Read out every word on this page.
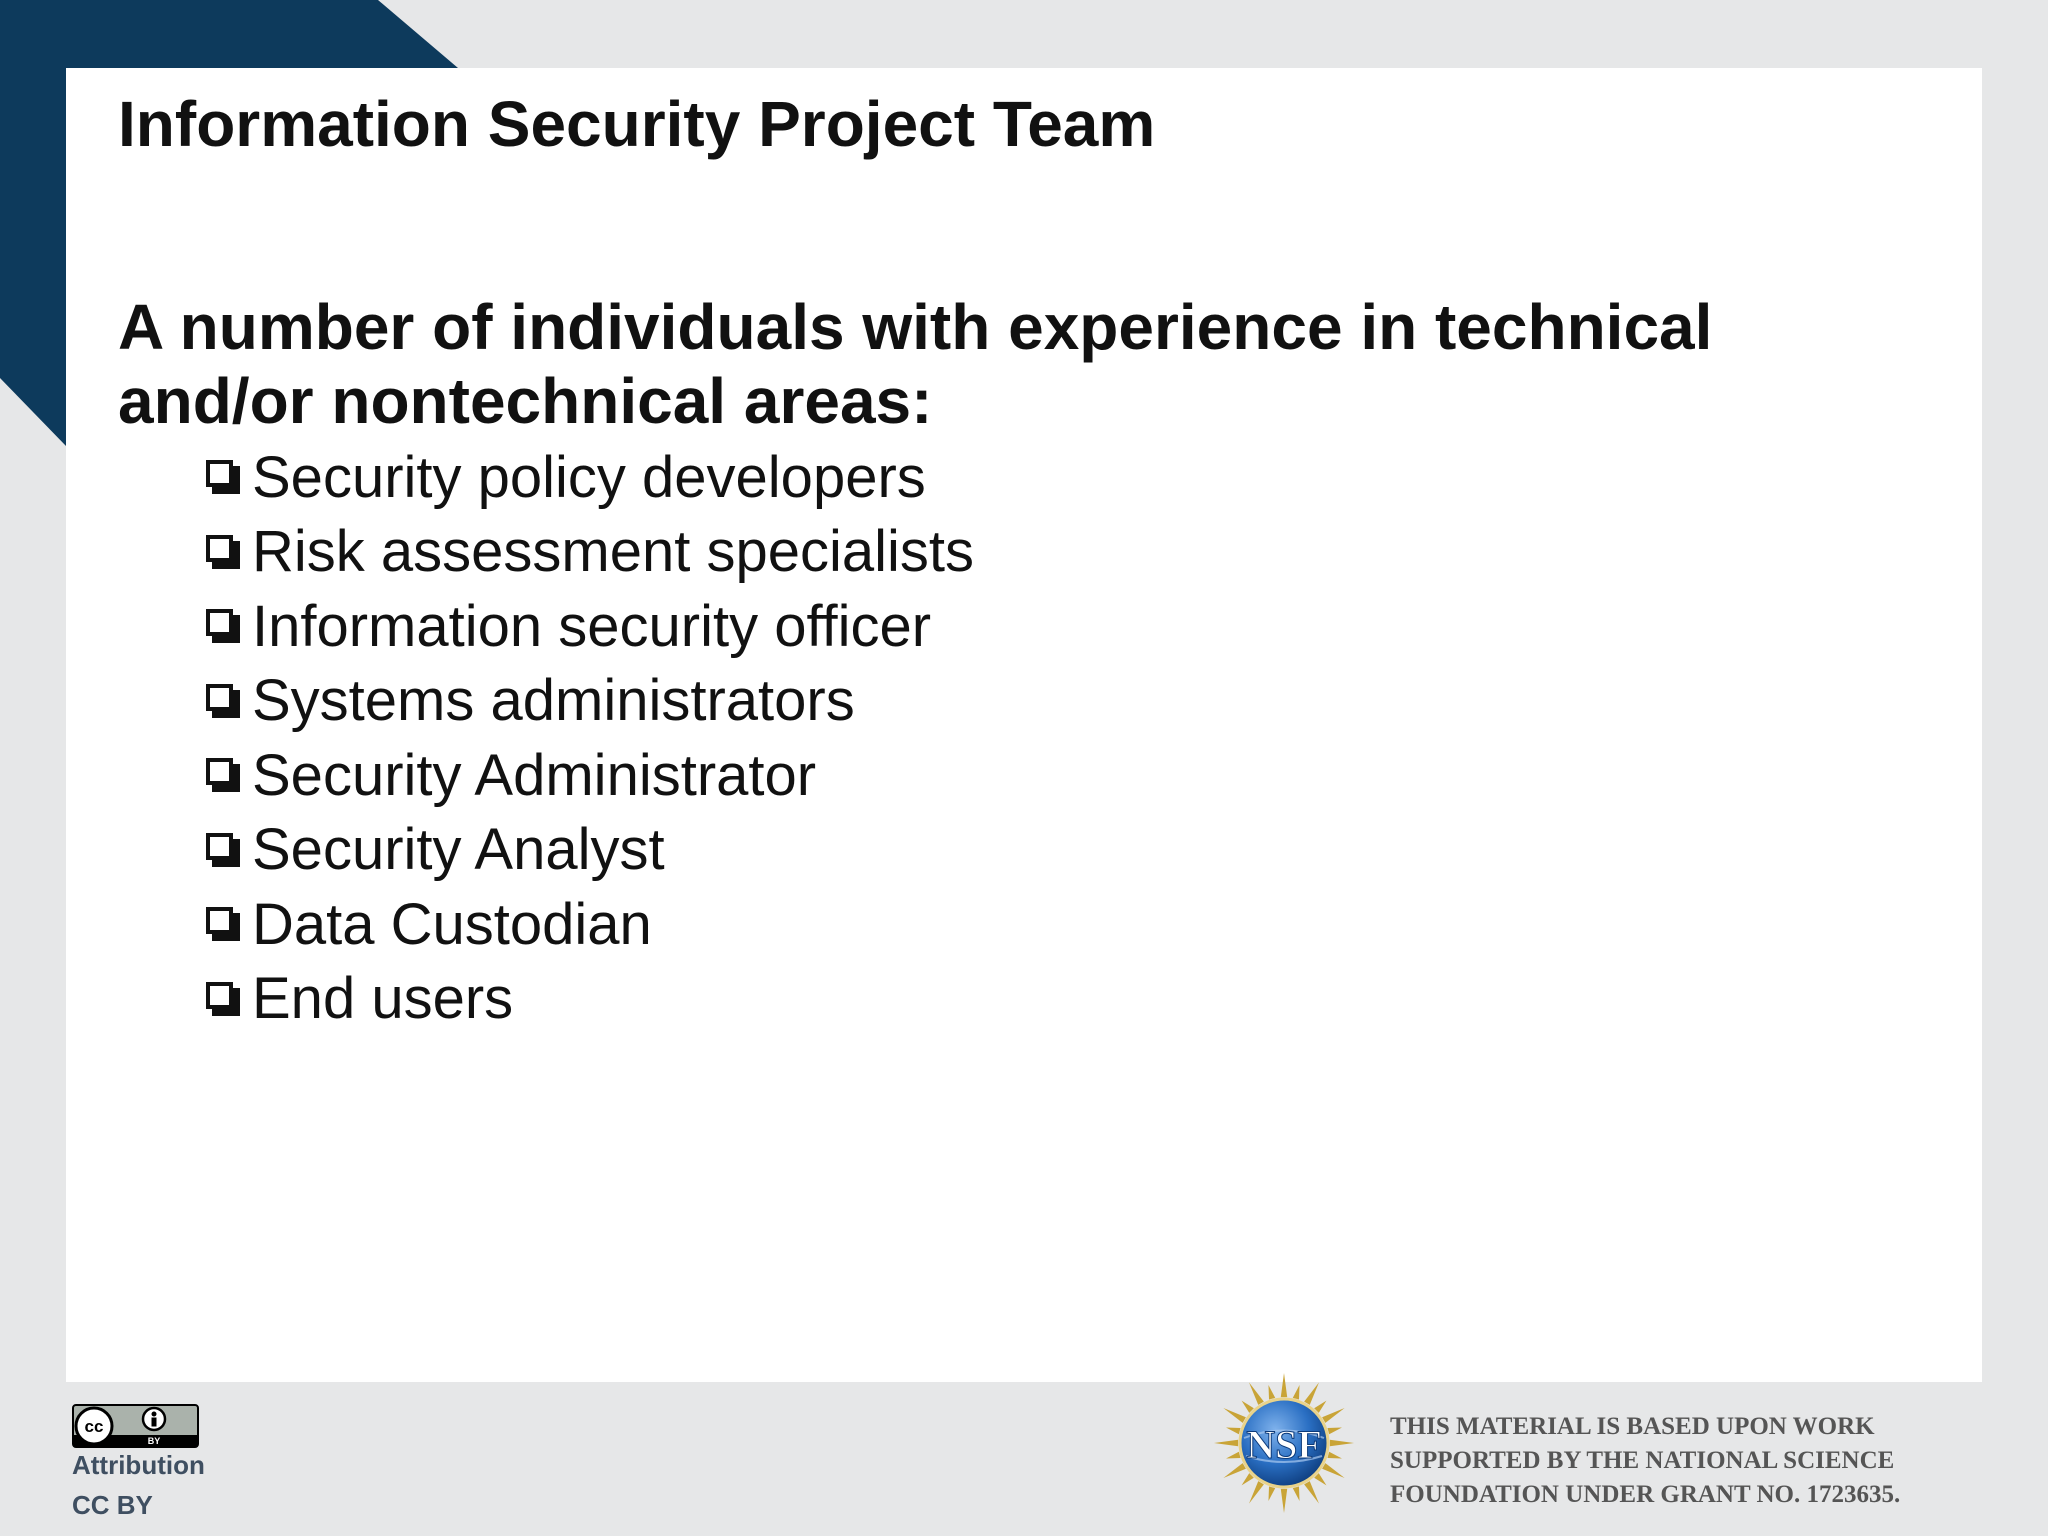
Information Security Project Team

A number of individuals with experience in technical and/or nontechnical areas:

Security policy developers
Risk assessment specialists
Information security officer
Systems administrators
Security Administrator
Security Analyst
Data Custodian
End users
cc
BY

Attribution

CC BY

NSF	THIS MATERIAL IS BASED UPON WORK
SUPPORTED BY THE NATIONAL SCIENCE
FOUNDATION UNDER GRANT NO. 1723635.
